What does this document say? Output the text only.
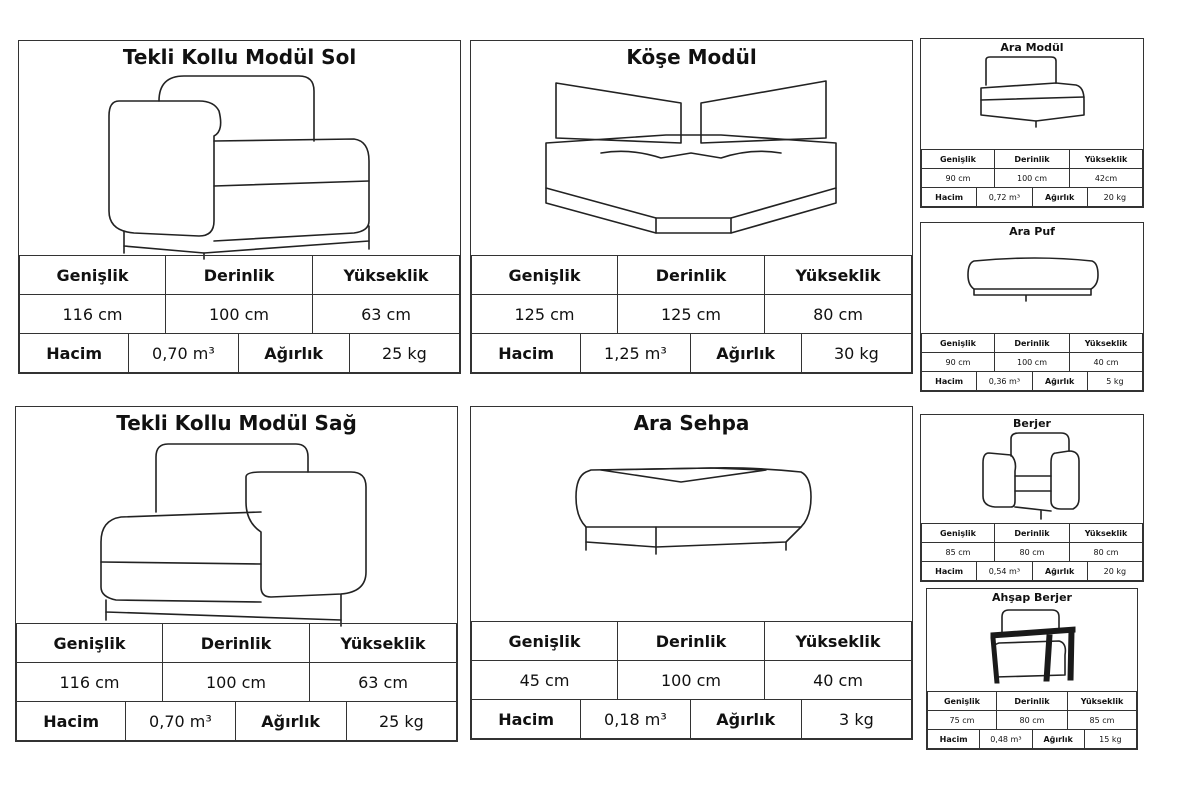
Tekli Kollu Modül Sol
Genişlik		Derinlik		Yükseklik	
116 cm		100 cm		63 cm	
Hacim	0,70 m³		Ağırlık		25 kg
Köşe Modül
Genişlik		Derinlik		Yükseklik	
125 cm		125 cm		80 cm	
Hacim	1,25 m³		Ağırlık		30 kg
Ara Modül
Genişlik		Derinlik		Yükseklik	
90 cm		100 cm		42cm	
Hacim	0,72 m³		Ağırlık		20 kg
Ara Puf
Genişlik		Derinlik		Yükseklik	
90 cm		100 cm		40 cm	
Hacim	0,36 m³		Ağırlık		5 kg
Tekli Kollu Modül Sağ
Genişlik		Derinlik		Yükseklik	
116 cm		100 cm		63 cm	
Hacim	0,70 m³		Ağırlık		25 kg
Ara Sehpa
Genişlik		Derinlik		Yükseklik	
45 cm		100 cm		40 cm	
Hacim	0,18 m³		Ağırlık		3 kg
Berjer
Genişlik		Derinlik		Yükseklik	
85 cm		80 cm		80 cm	
Hacim	0,54 m³		Ağırlık		20 kg
Ahşap Berjer
Genişlik		Derinlik		Yükseklik	
75 cm		80 cm		85 cm	
Hacim	0,48 m³		Ağırlık		15 kg
